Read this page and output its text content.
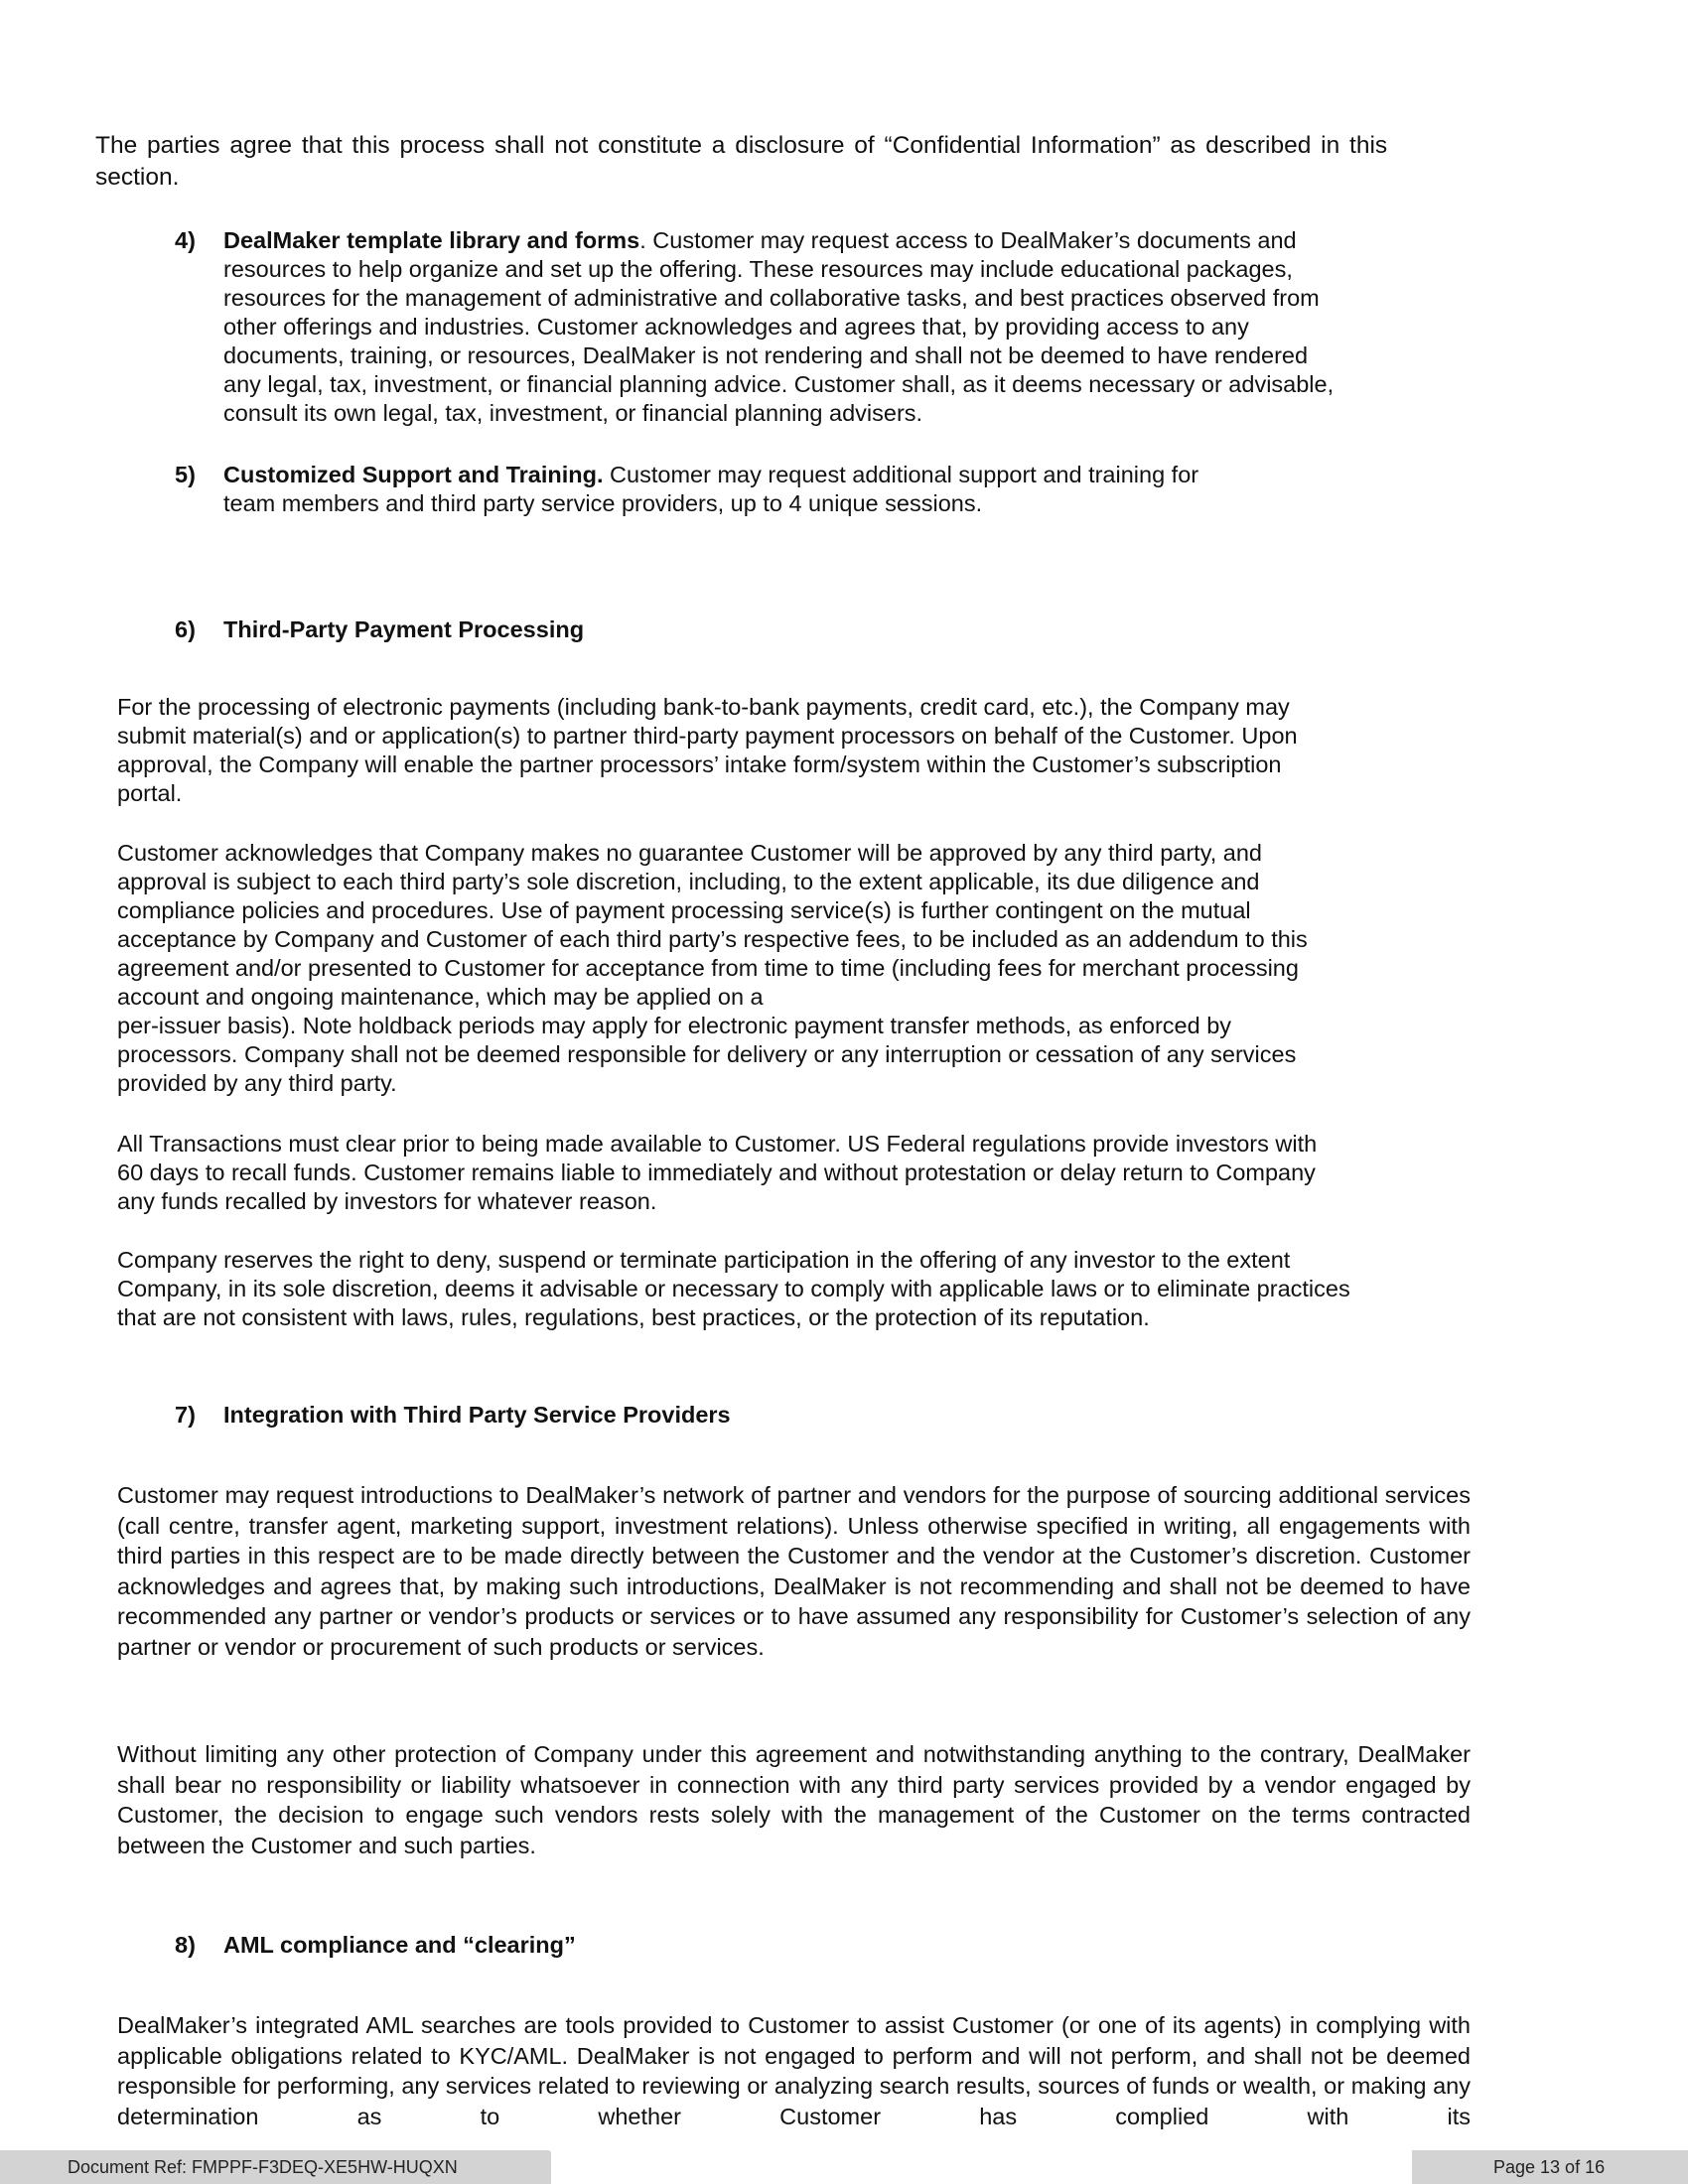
The parties agree that this process shall not constitute a disclosure of “Confidential Information” as described in this
section.
4) DealMaker template library and forms. Customer may request access to DealMaker’s documents and
resources to help organize and set up the offering. These resources may include educational packages,
resources for the management of administrative and collaborative tasks, and best practices observed from
other offerings and industries. Customer acknowledges and agrees that, by providing access to any
documents, training, or resources, DealMaker is not rendering and shall not be deemed to have rendered
any legal, tax, investment, or financial planning advice. Customer shall, as it deems necessary or advisable,
consult its own legal, tax, investment, or financial planning advisers.
5) Customized Support and Training. Customer may request additional support and training for
team members and third party service providers, up to 4 unique sessions.
6) Third-Party Payment Processing
For the processing of electronic payments (including bank-to-bank payments, credit card, etc.), the Company may
submit material(s) and or application(s) to partner third-party payment processors on behalf of the Customer. Upon
approval, the Company will enable the partner processors’ intake form/system within the Customer’s subscription
portal.
Customer acknowledges that Company makes no guarantee Customer will be approved by any third party, and
approval is subject to each third party’s sole discretion, including, to the extent applicable, its due diligence and
compliance policies and procedures. Use of payment processing service(s) is further contingent on the mutual
acceptance by Company and Customer of each third party’s respective fees, to be included as an addendum to this
agreement and/or presented to Customer for acceptance from time to time (including fees for merchant processing
account and ongoing maintenance, which may be applied on a
per-issuer basis). Note holdback periods may apply for electronic payment transfer methods, as enforced by
processors. Company shall not be deemed responsible for delivery or any interruption or cessation of any services
provided by any third party.
All Transactions must clear prior to being made available to Customer. US Federal regulations provide investors with
60 days to recall funds. Customer remains liable to immediately and without protestation or delay return to Company
any funds recalled by investors for whatever reason.
Company reserves the right to deny, suspend or terminate participation in the offering of any investor to the extent
Company, in its sole discretion, deems it advisable or necessary to comply with applicable laws or to eliminate practices
that are not consistent with laws, rules, regulations, best practices, or the protection of its reputation.
7) Integration with Third Party Service Providers
Customer may request introductions to DealMaker’s network of partner and vendors for the purpose of sourcing additional services (call centre, transfer agent, marketing support, investment relations). Unless otherwise specified in writing, all engagements with third parties in this respect are to be made directly between the Customer and the vendor at the Customer’s discretion. Customer acknowledges and agrees that, by making such introductions, DealMaker is not recommending and shall not be deemed to have recommended any partner or vendor’s products or services or to have assumed any responsibility for Customer’s selection of any partner or vendor or procurement of such products or services.
Without limiting any other protection of Company under this agreement and notwithstanding anything to the contrary, DealMaker shall bear no responsibility or liability whatsoever in connection with any third party services provided by a vendor engaged by Customer, the decision to engage such vendors rests solely with the management of the Customer on the terms contracted between the Customer and such parties.
8) AML compliance and “clearing”
DealMaker’s integrated AML searches are tools provided to Customer to assist Customer (or one of its agents) in complying with applicable obligations related to KYC/AML. DealMaker is not engaged to perform and will not perform, and shall not be deemed responsible for performing, any services related to reviewing or analyzing search results, sources of funds or wealth, or making any determination as to whether Customer has complied with its
Document Ref: FMPPF-F3DEQ-XE5HW-HUQXN	Page 13 of 16
